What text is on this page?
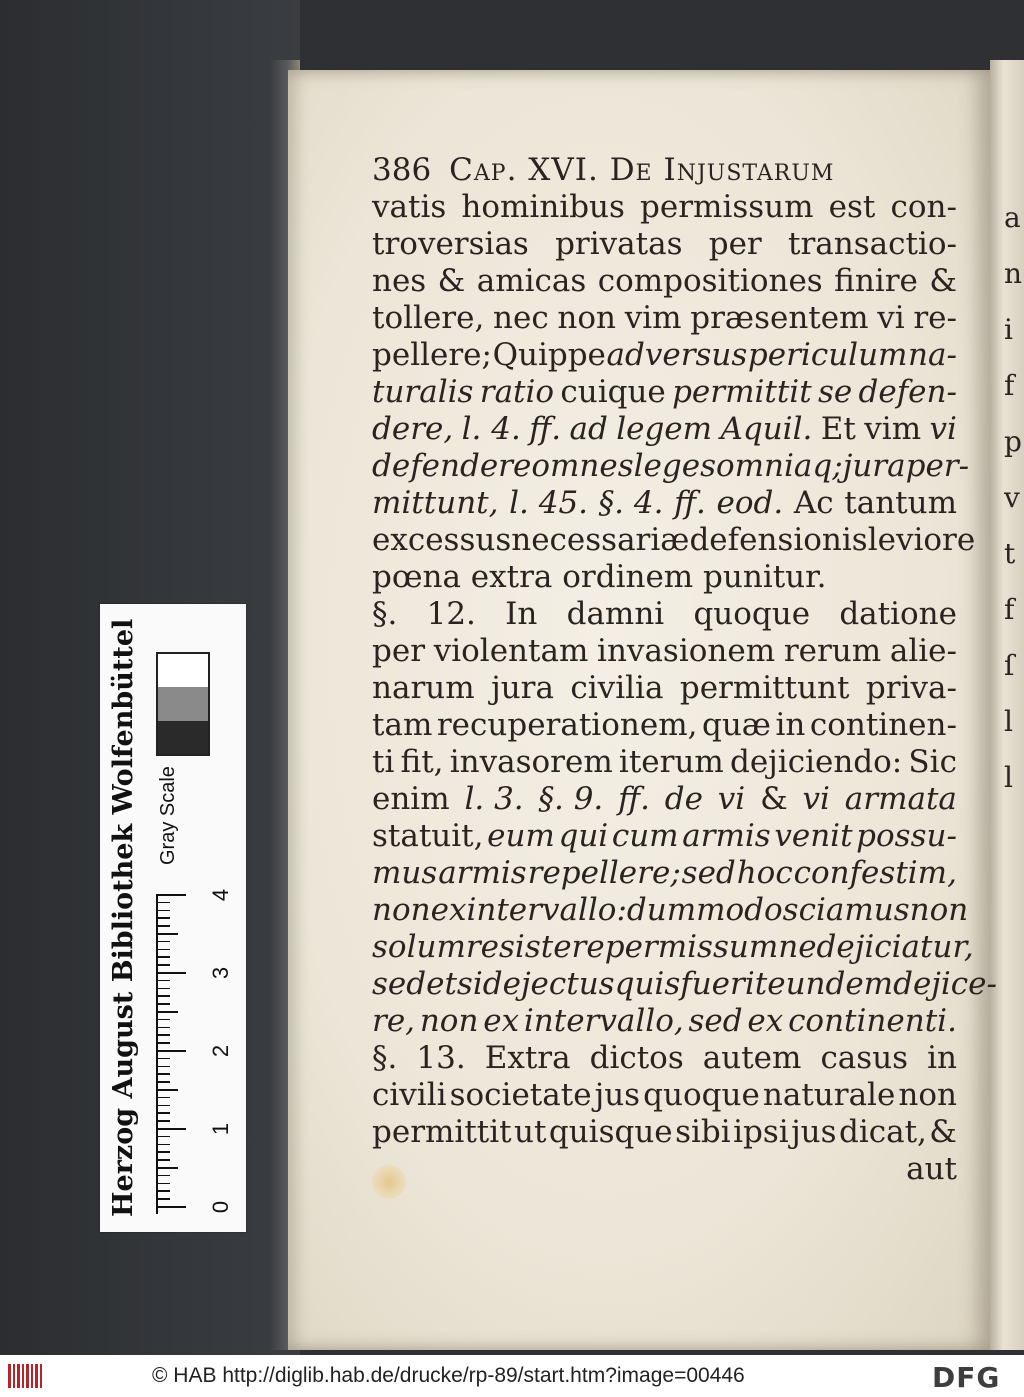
a
n
i
f
p
v
t
f
ſ
l
l
386 Cap. XVI. De Injustarum
vatis hominibus permissum est con-
troversias privatas per transactio-
nes & amicas compositiones finire &
tollere, nec non vim præsentem vi re-
pellere; Quippe adversus periculum na-
turalis ratio cuique permittit se defen-
dere, l. 4. ff. ad legem Aquil. Et vim vi
defendere omnes leges omniaq; jura per-
mittunt, l. 45. §. 4. ff. eod. Ac tantum
excessus necessariæ defensionis leviore
pœna extra ordinem punitur.
§. 12. In damni quoque datione
per violentam invasionem rerum alie-
narum jura civilia permittunt priva-
tam recuperationem, quæ in continen-
ti fit, invasorem iterum dejiciendo: Sic
enim l. 3. §. 9. ff. de vi & vi armata
statuit, eum qui cum armis venit possu-
mus armis repellere; sed hoc confestim,
non ex intervallo: dummodo sciamus non
solum resistere permissum ne dejiciatur,
sed etsi dejectus quis fuerit eundem dejice-
re, non ex intervallo, sed ex continenti.
§. 13. Extra dictos autem casus in
civili societate jus quoque naturale non
permittit ut quisque sibi ipsi jus dicat, &
aut
Herzog August Bibliothek Wolfenbüttel Gray Scale
0
1
2
3
4
© HAB http://diglib.hab.de/drucke/rp-89/start.htm?image=00446	DFG
